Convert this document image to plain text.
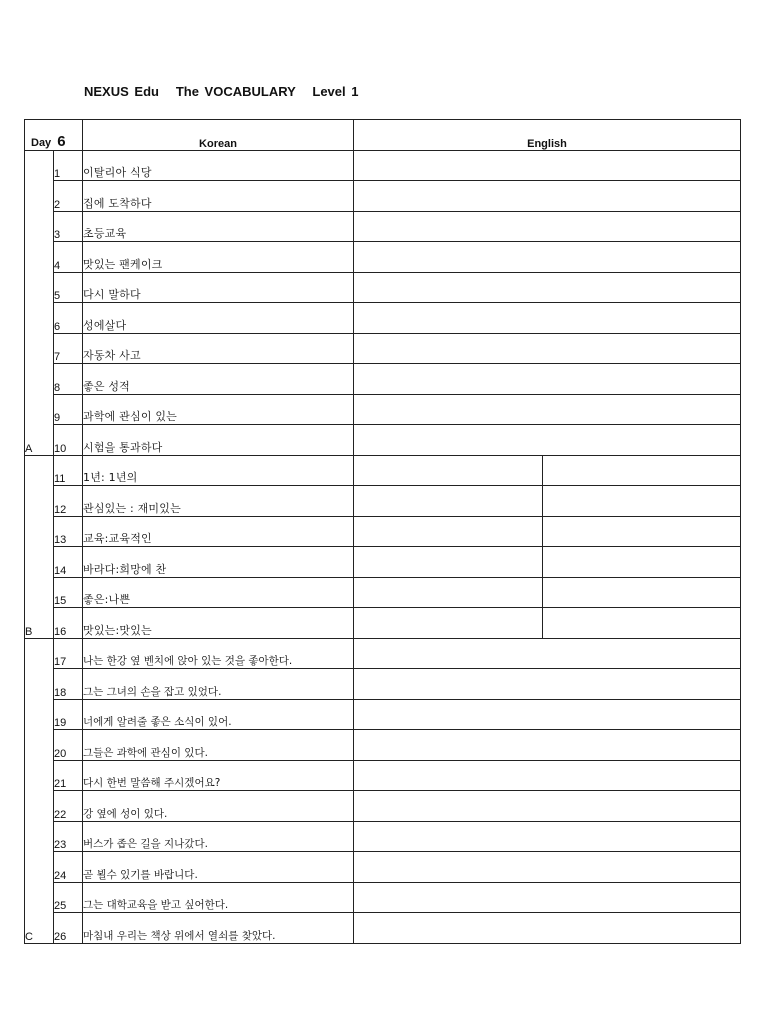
NEXUS Edu The VOCABULARY Level 1
Day 6		Korean	English	
A	1	이탈리아 식당		
	2	집에 도착하다		
	3	초등교육		
	4	맛있는 팬케이크		
	5	다시 말하다		
	6	성에살다		
	7	자동차 사고		
	8	좋은 성적		
	9	과학에 관심이 있는		
	10	시험을 통과하다		
B	11	1년: 1년의		
	12	관심있는 : 재미있는		
	13	교육:교육적인		
	14	바라다:희망에 찬		
	15	좋은:나쁜		
	16	맛있는:맛있는		
C	17	나는 한강 옆 벤치에 앉아 있는 것을 좋아한다.		
	18	그는 그녀의 손을 잡고 있었다.		
	19	너에게 알려줄 좋은 소식이 있어.		
	20	그들은 과학에 관심이 있다.		
	21	다시 한번 말씀해 주시겠어요?		
	22	강 옆에 성이 있다.		
	23	버스가 좁은 길을 지나갔다.		
	24	곧 뵐수 있기를 바랍니다.		
	25	그는 대학교육을 받고 싶어한다.		
	26	마침내 우리는 책상 위에서 열쇠를 찾았다.		
